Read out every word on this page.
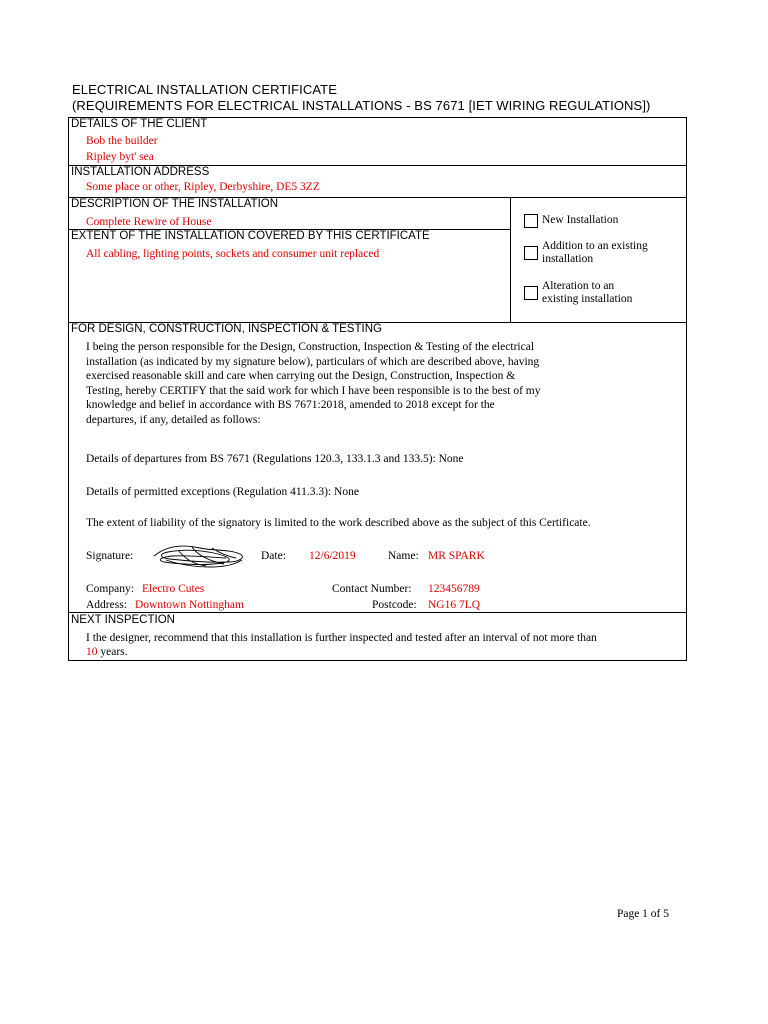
ELECTRICAL INSTALLATION CERTIFICATE
(REQUIREMENTS FOR ELECTRICAL INSTALLATIONS - BS 7671 [IET WIRING REGULATIONS])
DETAILS OF THE CLIENT
Bob the builder
Ripley byt' sea
INSTALLATION ADDRESS
Some place or other, Ripley, Derbyshire, DE5 3ZZ
DESCRIPTION OF THE INSTALLATION
Complete Rewire of House
EXTENT OF THE INSTALLATION COVERED BY THIS CERTIFICATE
All cabling, lighting points, sockets and consumer unit replaced
New Installation
Addition to an existing
installation
Alteration to an
existing installation
FOR DESIGN, CONSTRUCTION, INSPECTION & TESTING
I being the person responsible for the Design, Construction, Inspection & Testing of the electrical
installation (as indicated by my signature below), particulars of which are described above, having
exercised reasonable skill and care when carrying out the Design, Construction, Inspection &
Testing, hereby CERTIFY that the said work for which I have been responsible is to the best of my
knowledge and belief in accordance with BS 7671:2018, amended to 2018 except for the
departures, if any, detailed as follows:
Details of departures from BS 7671 (Regulations 120.3, 133.1.3 and 133.5): None
Details of permitted exceptions (Regulation 411.3.3): None
The extent of liability of the signatory is limited to the work described above as the subject of this Certificate.
Signature:	Date: 12/6/2019	Name: MR SPARK
Company: Electro Cutes	Contact Number: 123456789
Address: Downtown Nottingham	Postcode: NG16 7LQ
NEXT INSPECTION
I the designer, recommend that this installation is further inspected and tested after an interval of not more than
10 years.
Page 1 of 5
